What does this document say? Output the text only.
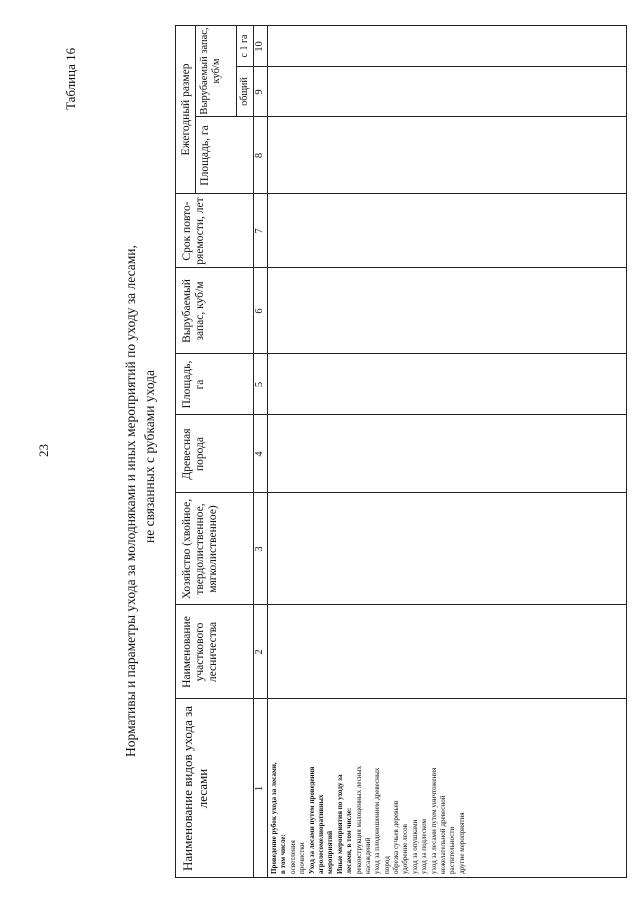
23
Таблица 16
Нормативы и параметры ухода за молодняками и иных мероприятий по уходу за лесами, не связанных с рубками ухода
Наименование видов ухода за лесами
Наименование участкового лесничества
Хозяйство (хвойное, твердолиственное, мягколиственное)
Древесная порода
Площадь, га
Вырубаемый запас, куб/м
Срок повто-ряемости, лет
Ежегодный размер
Площадь, га
Вырубаемый запас, куб/м
общий
с 1 га
1
2
3
4
5
6
7
8
9
10
Проведение рубок ухода за лесами, в том числе: осветления прочистки Уход за лесами путем проведения агролесомелиоративных мероприятий Иные мероприятия по уходу за лесами, в том числе: реконструкция малоценных лесных насаждений уход за плодоношением древесных пород обрезка сучьев деревьев удобрение лесов уход за опушками уход за подлеском уход за лесами путем уничтожения нежелательной древесной растительности другие мероприятия
